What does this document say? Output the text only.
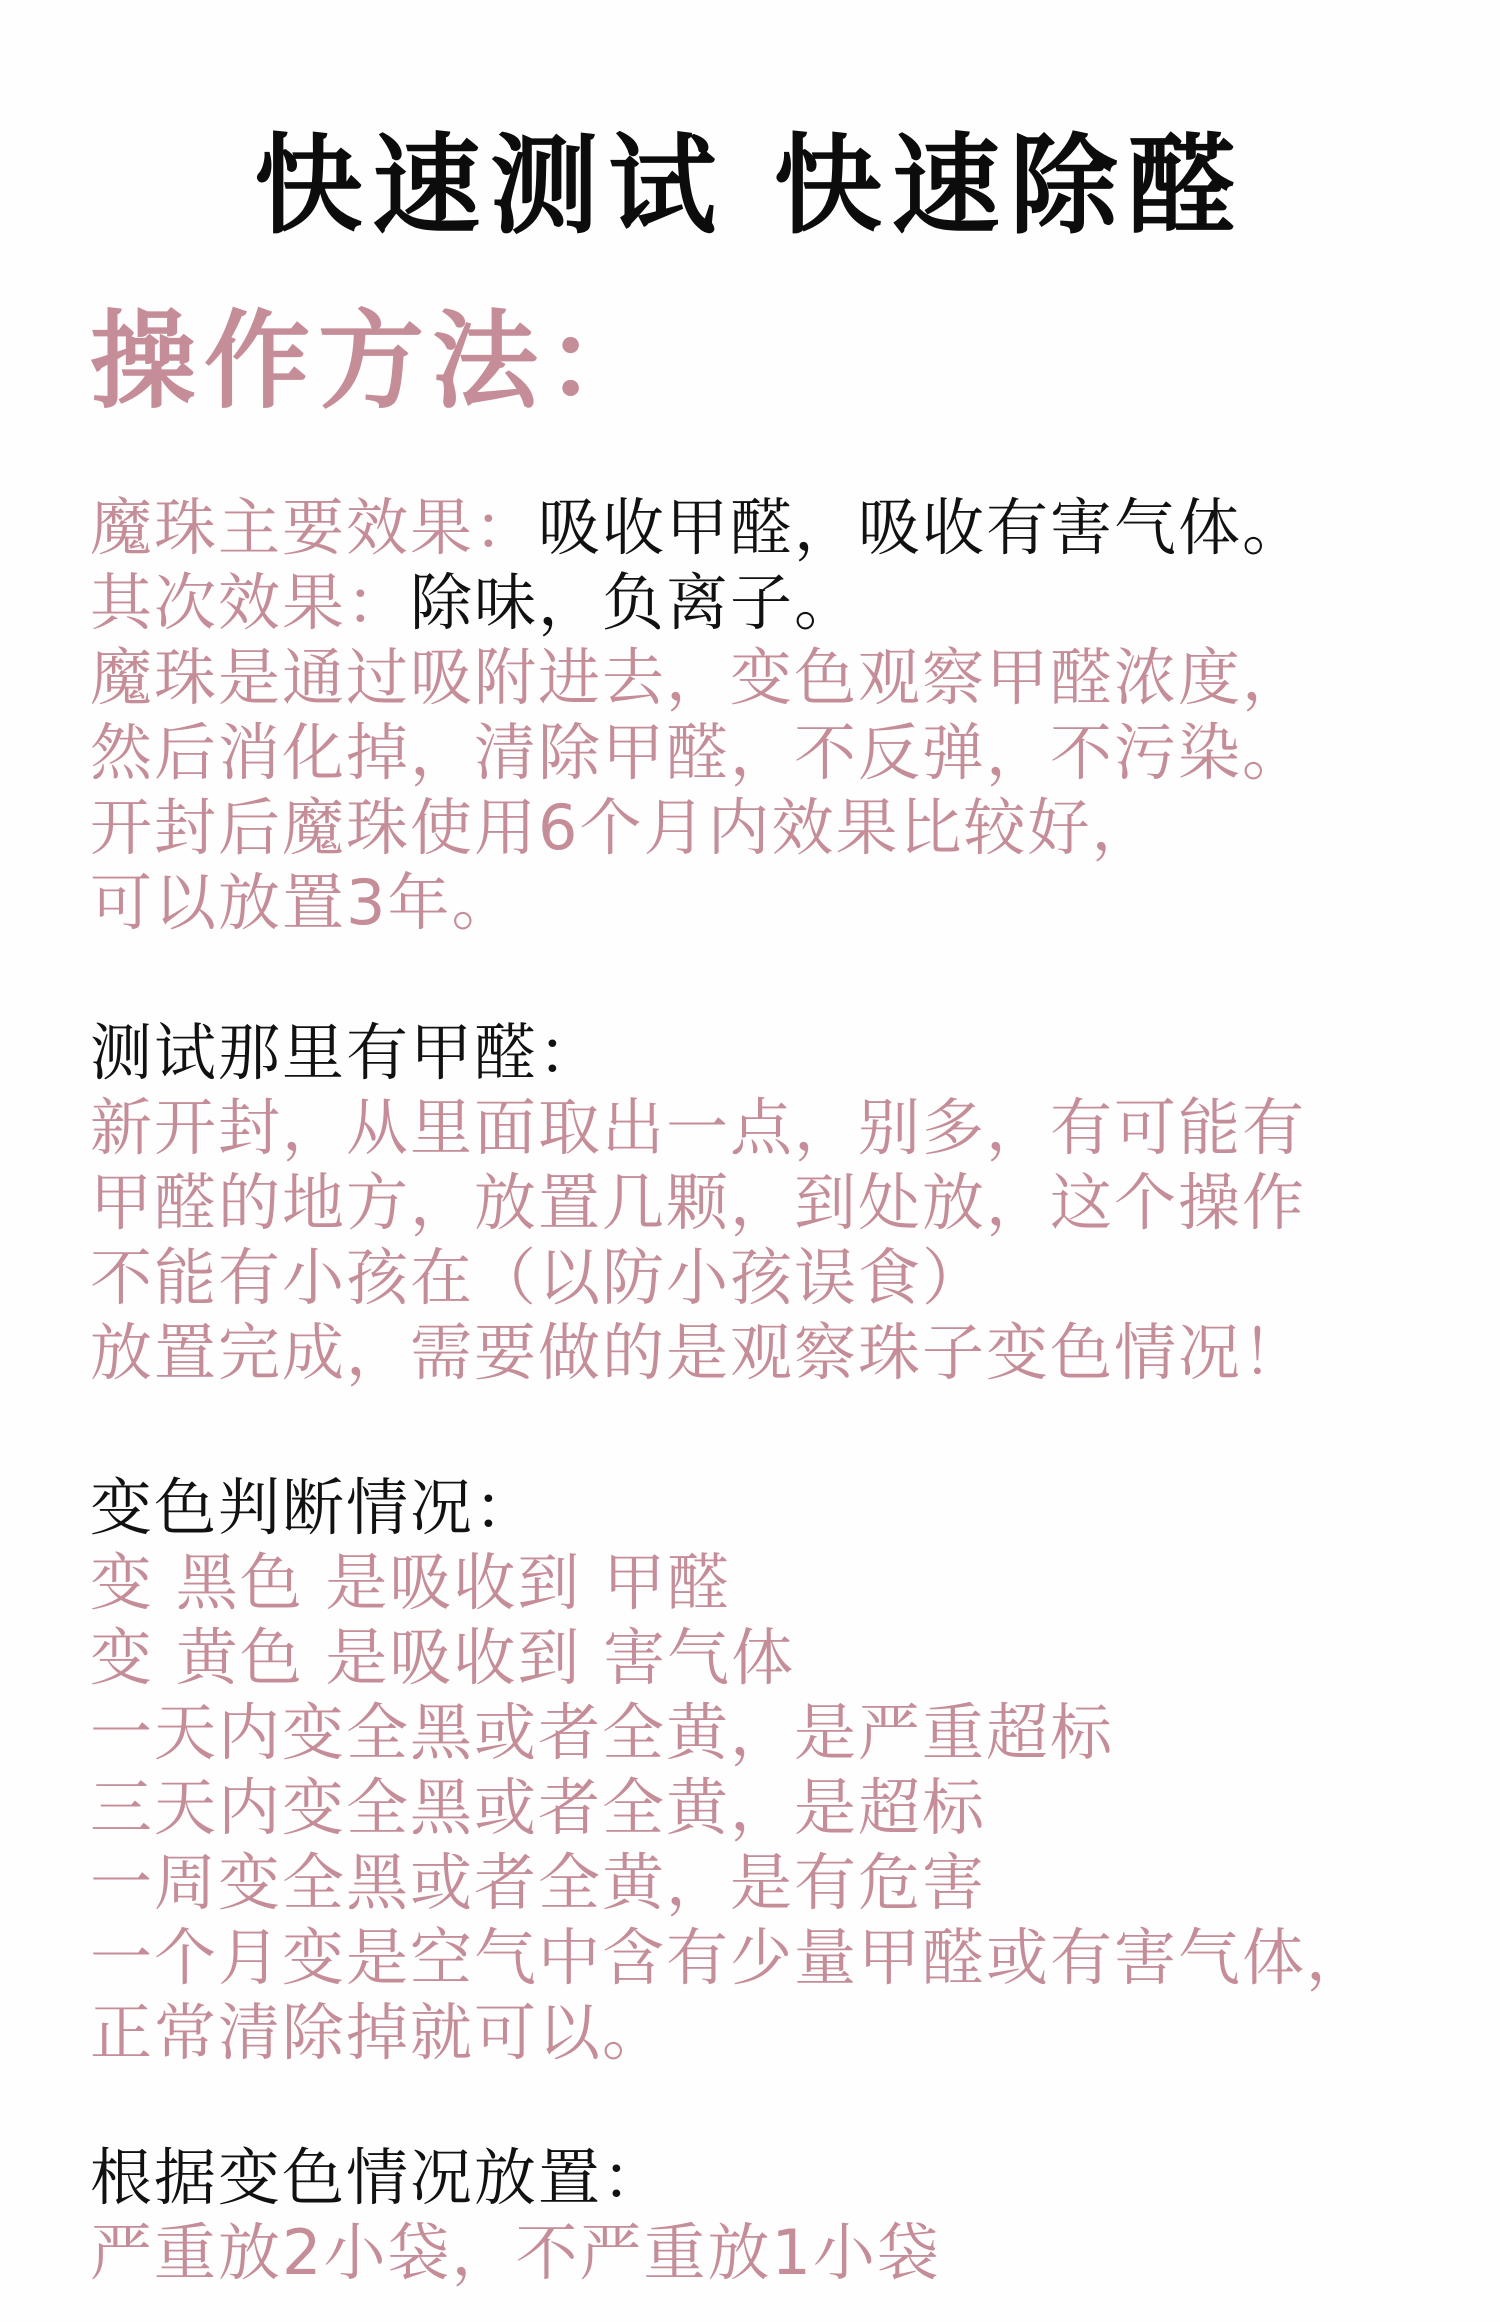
快速测试 快速除醛
操作方法：
魔珠主要效果：吸收甲醛，吸收有害气体。
其次效果：除味，负离子。
魔珠是通过吸附进去，变色观察甲醛浓度，
然后消化掉，清除甲醛，不反弹，不污染。
开封后魔珠使用6个月内效果比较好，
可以放置3年。
测试那里有甲醛：
新开封，从里面取出一点，别多，有可能有
甲醛的地方，放置几颗，到处放，这个操作
不能有小孩在（以防小孩误食）
放置完成，需要做的是观察珠子变色情况！
变色判断情况：
变 黑色 是吸收到 甲醛
变 黄色 是吸收到 害气体
一天内变全黑或者全黄，是严重超标
三天内变全黑或者全黄，是超标
一周变全黑或者全黄，是有危害
一个月变是空气中含有少量甲醛或有害气体，
正常清除掉就可以。
根据变色情况放置：
严重放2小袋，不严重放1小袋
